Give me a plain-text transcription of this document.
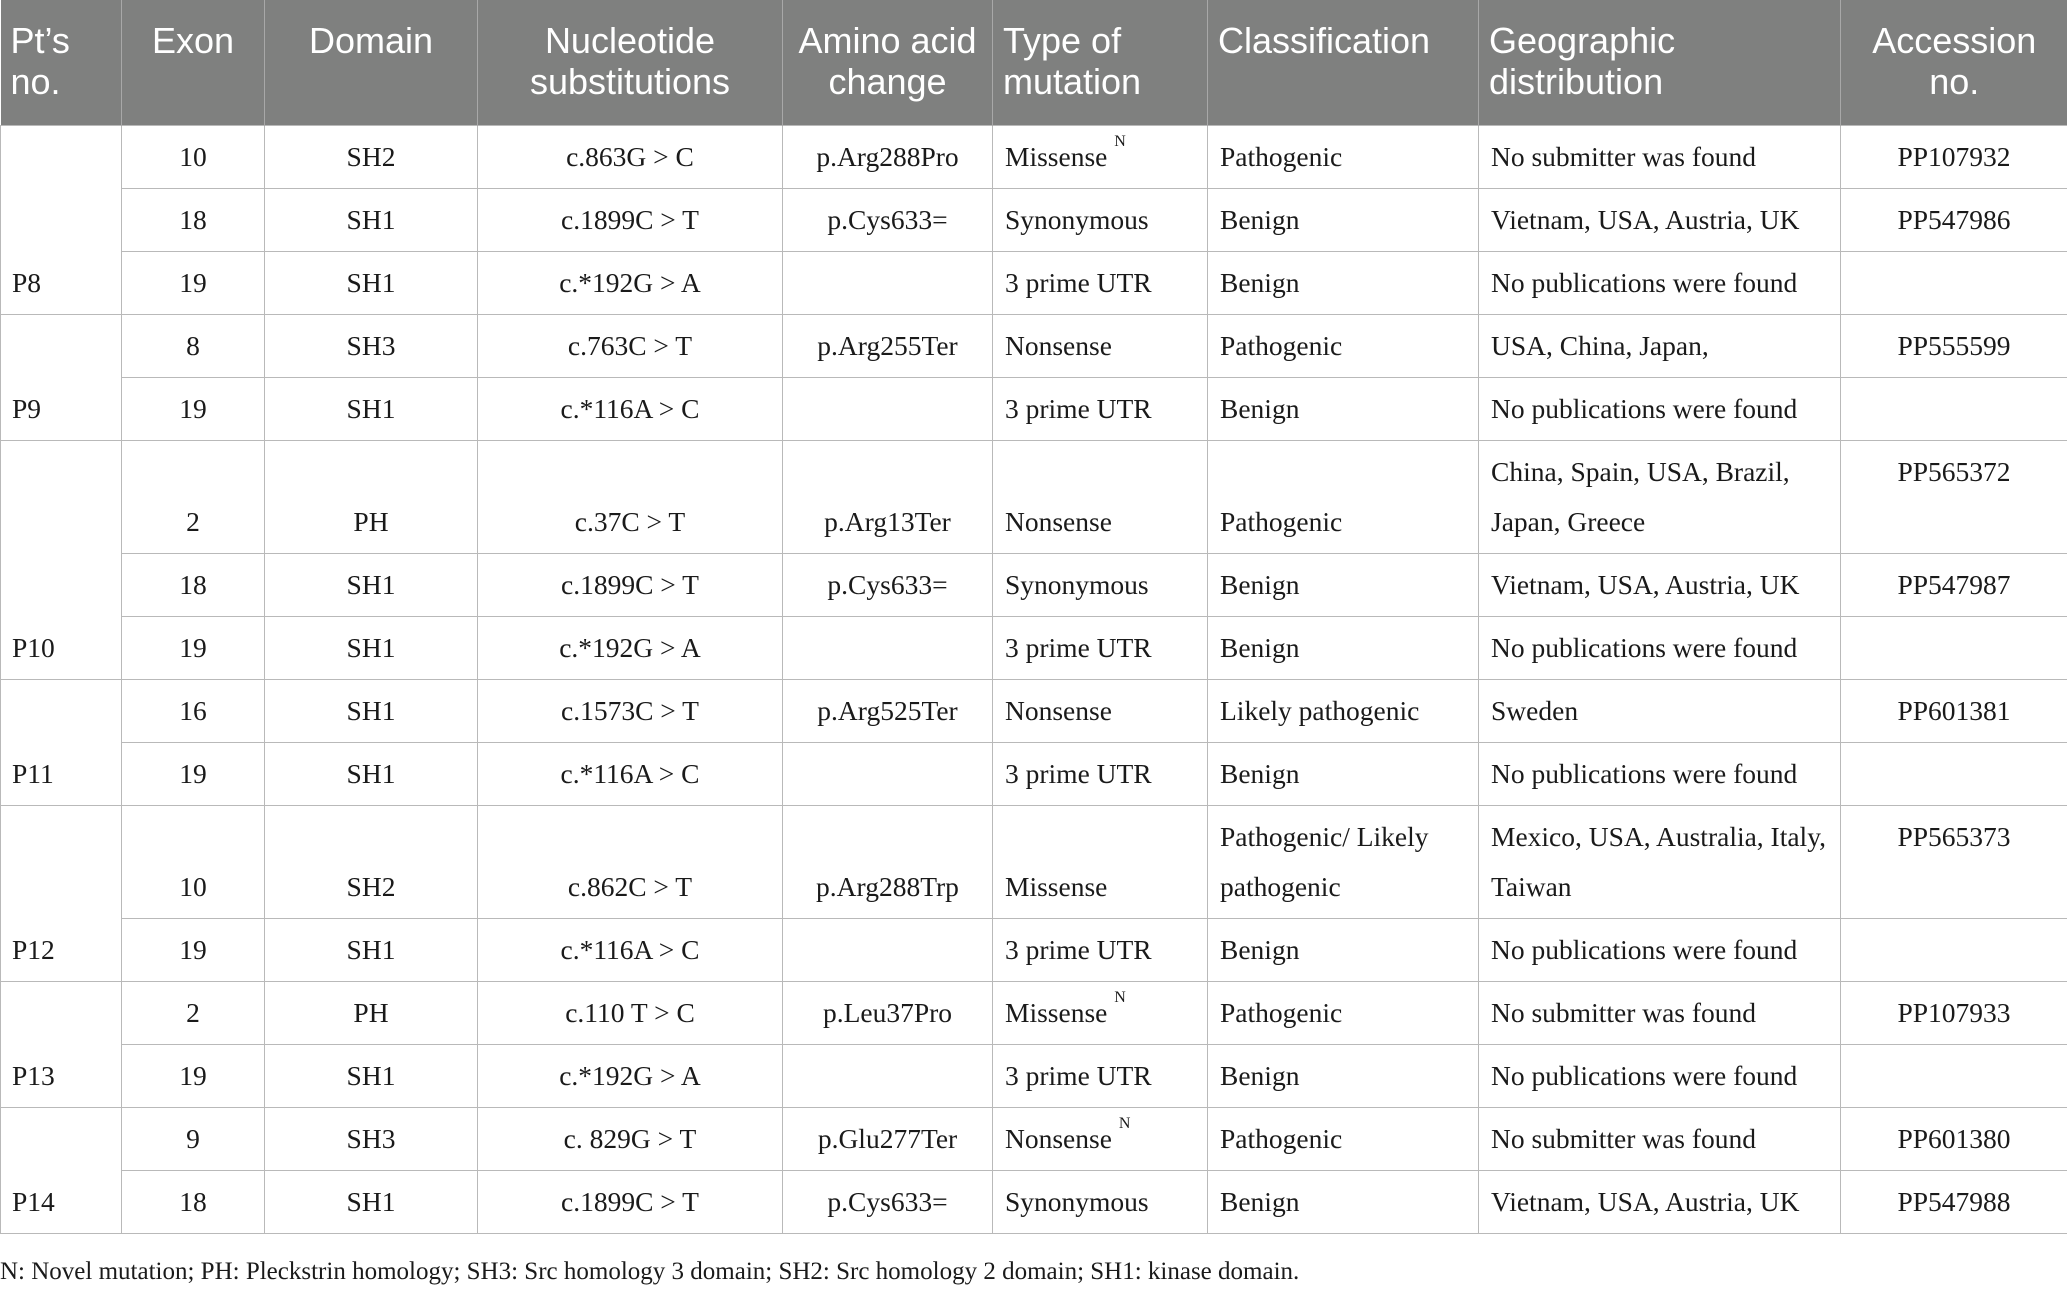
Pt’s no.	Exon	Domain	Nucleotide substitutions	Amino acid change	Type of mutation	Classification	Geographic distribution	Accession no.
P8	10	SH2	c.863G > C	p.Arg288Pro	Missense $^N$	Pathogenic	No submitter was found	PP107932
	18	SH1	c.1899C > T	p.Cys633=	Synonymous	Benign	Vietnam, USA, Austria, UK	PP547986
	19	SH1	c.*192G > A		3 prime UTR	Benign	No publications were found	
P9	8	SH3	c.763C > T	p.Arg255Ter	Nonsense	Pathogenic	USA, China, Japan,	PP555599
	19	SH1	c.*116A > C		3 prime UTR	Benign	No publications were found	
P10	2	PH	c.37C > T	p.Arg13Ter	Nonsense	Pathogenic	China, Spain, USA, Brazil, Japan, Greece	PP565372
	18	SH1	c.1899C > T	p.Cys633=	Synonymous	Benign	Vietnam, USA, Austria, UK	PP547987
	19	SH1	c.*192G > A		3 prime UTR	Benign	No publications were found	
P11	16	SH1	c.1573C > T	p.Arg525Ter	Nonsense	Likely pathogenic	Sweden	PP601381
	19	SH1	c.*116A > C		3 prime UTR	Benign	No publications were found	
P12	10	SH2	c.862C > T	p.Arg288Trp	Missense	Pathogenic/ Likely pathogenic	Mexico, USA, Australia, Italy, Taiwan	PP565373
	19	SH1	c.*116A > C		3 prime UTR	Benign	No publications were found	
P13	2	PH	c.110 T > C	p.Leu37Pro	Missense $^N$	Pathogenic	No submitter was found	PP107933
	19	SH1	c.*192G > A		3 prime UTR	Benign	No publications were found	
P14	9	SH3	c. 829G > T	p.Glu277Ter	Nonsense $^N$	Pathogenic	No submitter was found	PP601380
	18	SH1	c.1899C > T	p.Cys633=	Synonymous	Benign	Vietnam, USA, Austria, UK	PP547988
N: Novel mutation; PH: Pleckstrin homology; SH3: Src homology 3 domain; SH2: Src homology 2 domain; SH1: kinase domain.
